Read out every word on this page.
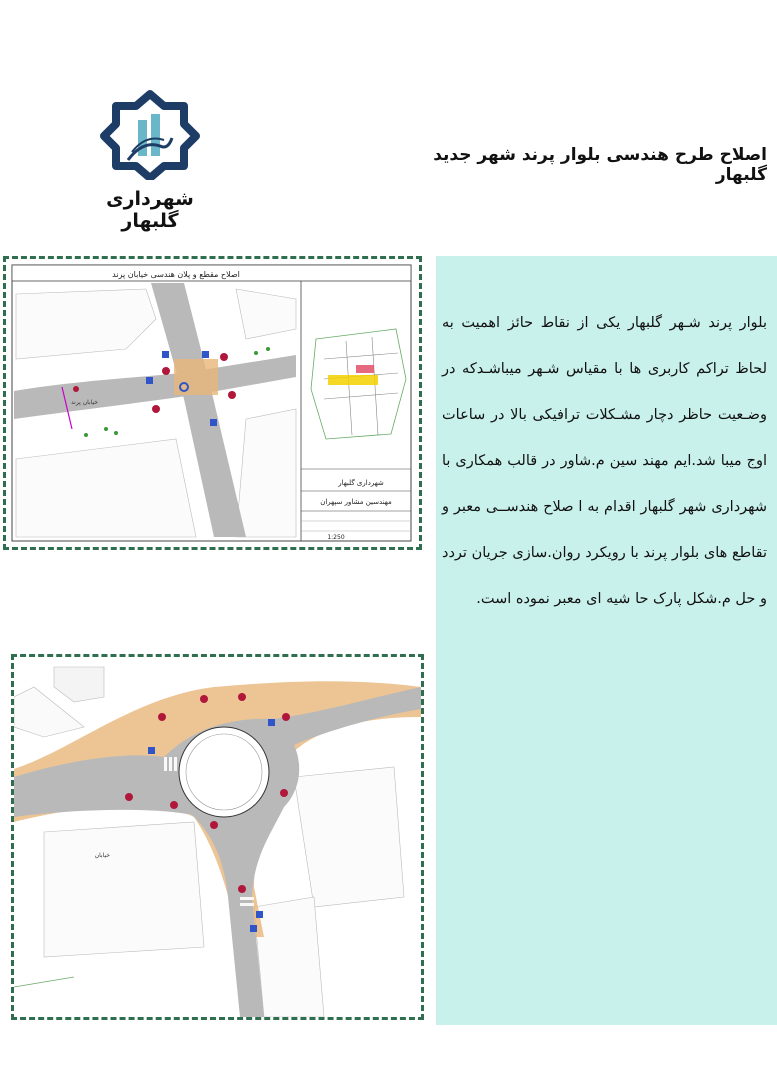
شهرداری گلبهار
اصلاح طرح هندسی بلوار پرند شهر جدید گلبهار
بلوار پرند شـهر گلبهار یکی از نقاط حائز اهمیت به لحاظ تراکم کاربری ها با مقیاس شـهر میباشـدکه در وضـعیت حاظر دچار مشـکلات ترافیکی بالا در ساعات اوج میبا شد.ایم مهند سین م.شاور در قالب همکاری با شهرداری شهر گلبهار اقدام به ا صلاح هندســی معبر و تقاطع های بلوار پرند با رویکرد روان.سازی جریان تردد و حل م.شکل پارک حا شیه ای معبر نموده است.
اصلاح مقطع و پلان هندسی خیابان پرند
خیابان پرند
شهرداری گلبهار
مهندسین مشاور سپهران
1:250
خیابان
